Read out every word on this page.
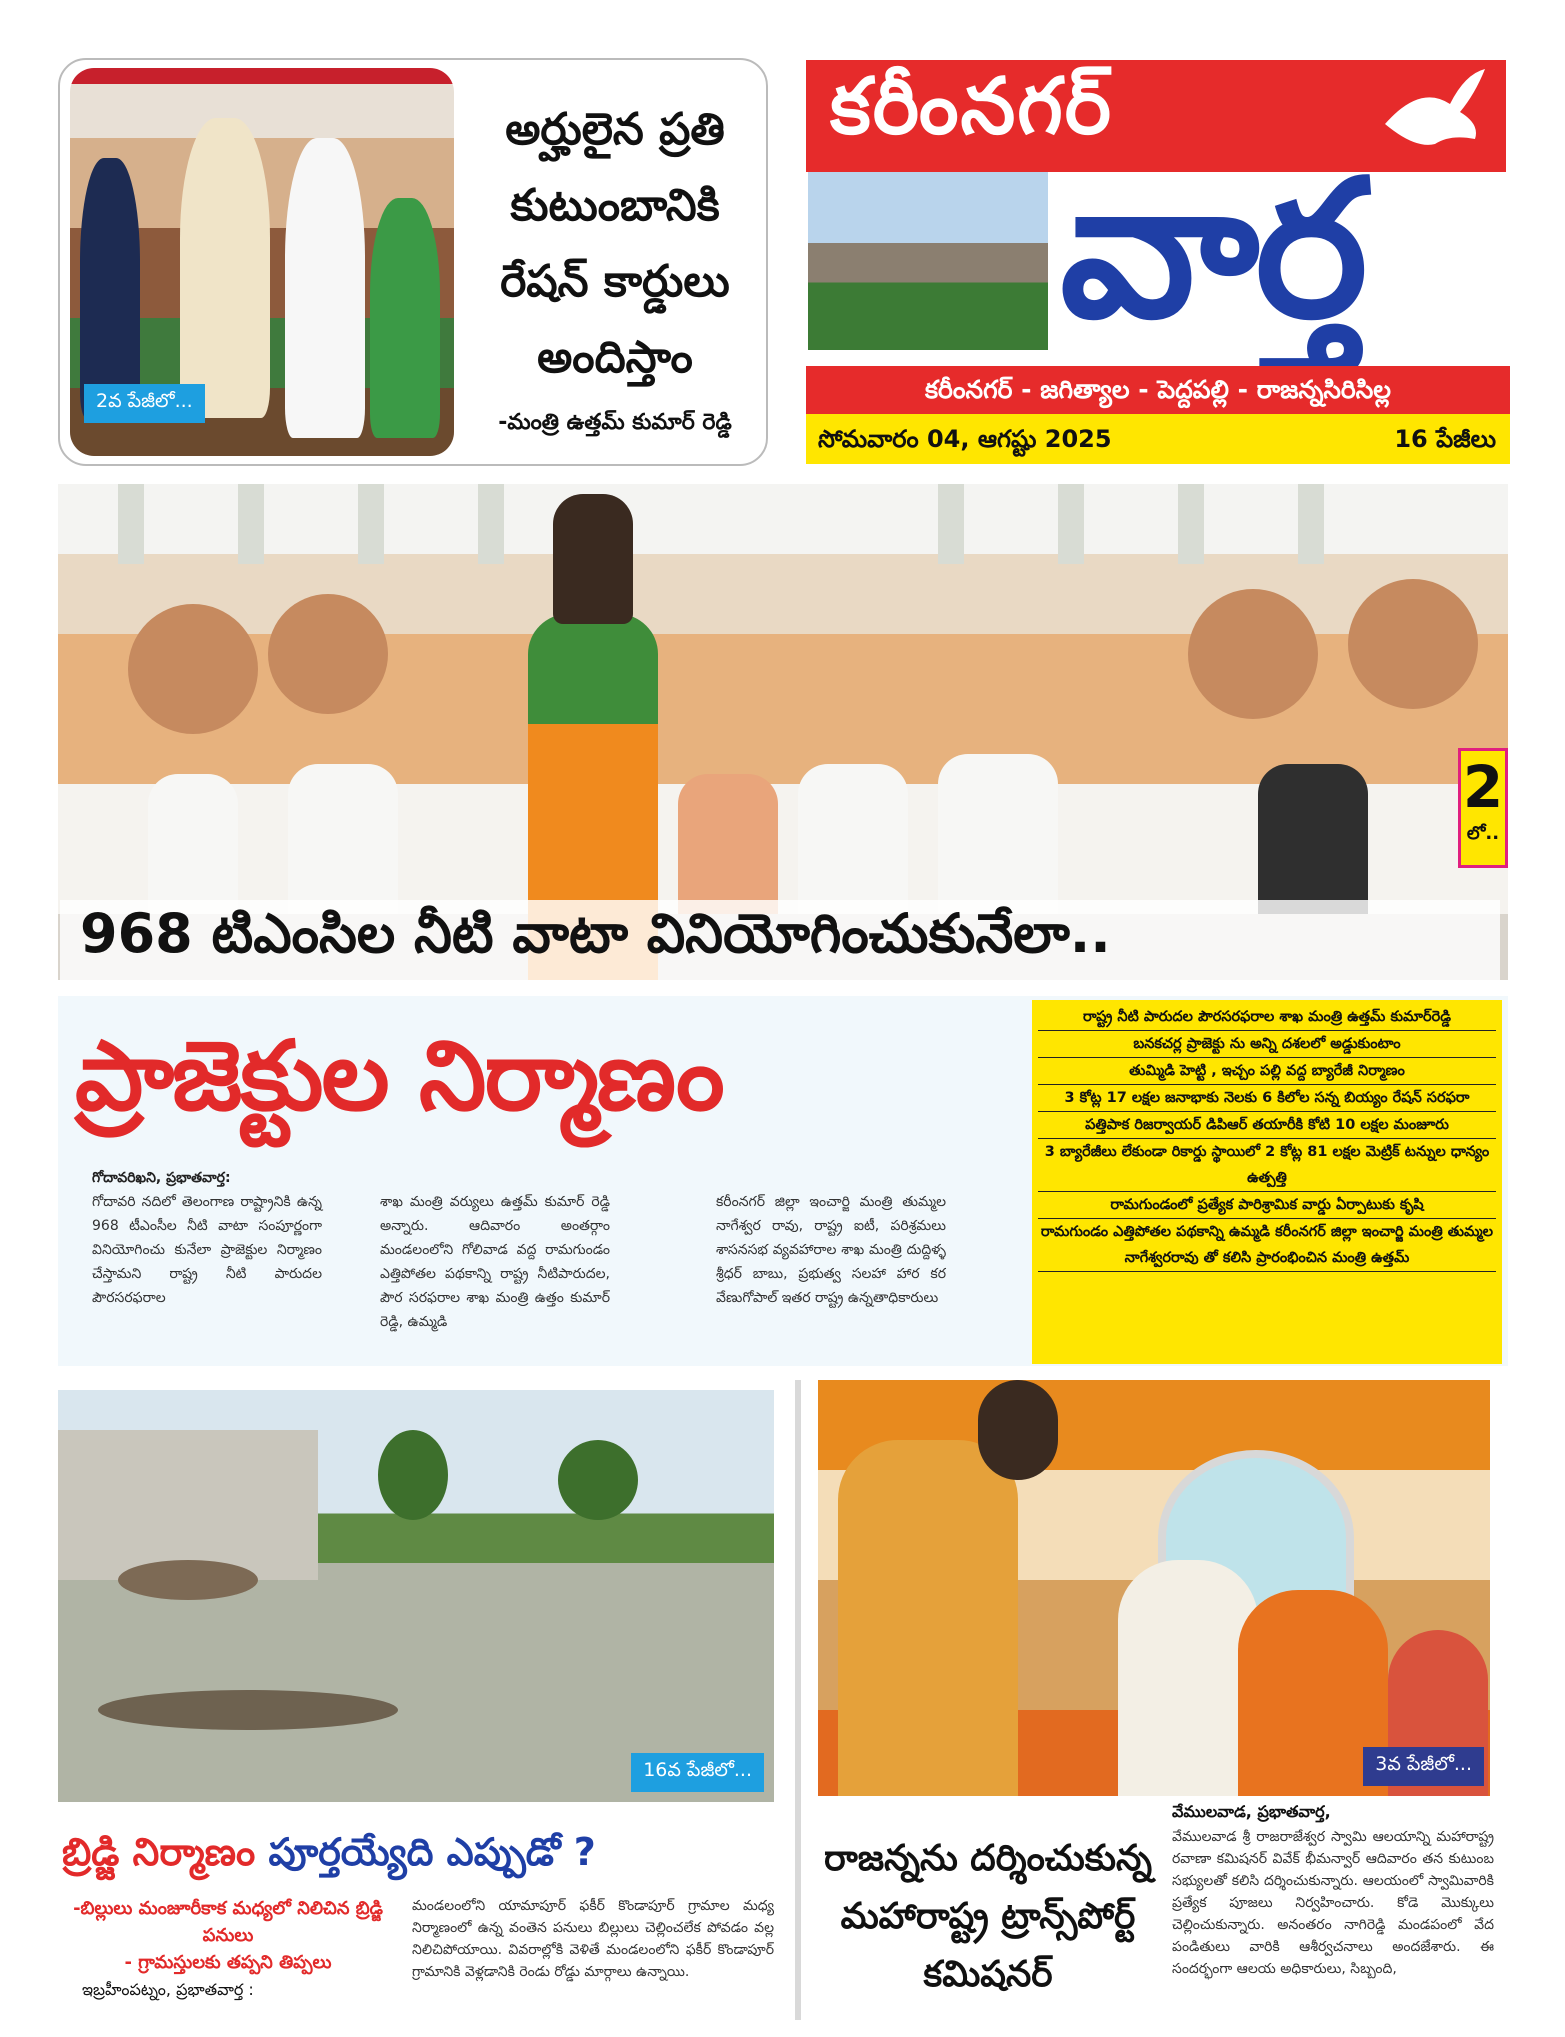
2వ పేజీలో...
అర్హులైన ప్రతి కుటుంబానికి రేషన్ కార్డులు అందిస్తాం
-మంత్రి ఉత్తమ్ కుమార్ రెడ్డి
కరీంనగర్
వార్త
కరీంనగర్ - జగిత్యాల - పెద్దపల్లి - రాజన్నసిరిసిల్ల
సోమవారం 04, ఆగష్టు 2025	16 పేజీలు
2
లో..
968 టిఎంసిల నీటి వాటా వినియోగించుకునేలా..
ప్రాజెక్టుల నిర్మాణం

రాష్ట్ర నీటి పారుదల పౌరసరఫరాల శాఖ మంత్రి ఉత్తమ్ కుమార్‌రెడ్డి

బనకచర్ల ప్రాజెక్టు ను అన్ని దశలలో అడ్డుకుంటాం

తుమ్మిడి హెట్టి , ఇచ్చం పల్లి వద్ద బ్యారేజీ నిర్మాణం

3 కోట్ల 17 లక్షల జనాభాకు నెలకు 6 కిలోల సన్న బియ్యం రేషన్ సరఫరా

పత్తిపాక రిజర్వాయర్ డిపిఆర్ తయారీకి కోటి 10 లక్షల మంజూరు

3 బ్యారేజీలు లేకుండా రికార్డు స్థాయిలో 2 కోట్ల 81 లక్షల మెట్రిక్ టన్నుల ధాన్యం ఉత్పత్తి

రామగుండంలో ప్రత్యేక పారిశ్రామిక వార్డు ఏర్పాటుకు కృషి

రామగుండం ఎత్తిపోతల పథకాన్ని ఉమ్మడి కరీంనగర్ జిల్లా ఇంచార్జి మంత్రి తుమ్మల నాగేశ్వరరావు తో కలిసి ప్రారంభించిన మంత్రి ఉత్తమ్

గోదావరిఖని, ప్రభాతవార్త:
గోదావరి నదిలో తెలంగాణ రాష్ట్రానికి ఉన్న 968 టీఎంసీల నీటి వాటా సంపూర్ణంగా వినియోగించు కునేలా ప్రాజెక్టుల నిర్మాణం చేస్తామని రాష్ట్ర నీటి పారుదల పౌరసరఫరాల
శాఖ మంత్రి వర్యులు ఉత్తమ్ కుమార్ రెడ్డి అన్నారు. ఆదివారం అంతర్గాం మండలంలోని గోలివాడ వద్ద రామగుండం ఎత్తిపోతల పథకాన్ని రాష్ట్ర నీటిపారుదల, పౌర సరఫరాల శాఖ మంత్రి ఉత్తం కుమార్ రెడ్డి, ఉమ్మడి
కరీంనగర్ జిల్లా ఇంచార్జి మంత్రి తుమ్మల నాగేశ్వర రావు, రాష్ట్ర ఐటీ, పరిశ్రమలు శాసనసభ వ్యవహారాల శాఖ మంత్రి దుద్దిళ్ళ శ్రీధర్ బాబు, ప్రభుత్వ సలహా హార కర వేణుగోపాల్ ఇతర రాష్ట్ర ఉన్నతాధికారులు
16వ పేజీలో...
బ్రిడ్జి నిర్మాణం పూర్తయ్యేది ఎప్పుడో ?
-బిల్లులు మంజూరీకాక మధ్యలో నిలిచిన బ్రిడ్జి పనులు
- గ్రామస్తులకు తప్పని తిప్పలు
ఇబ్రహీంపట్నం, ప్రభాతవార్త :
మండలంలోని యామాపూర్ ఫకీర్ కొండాపూర్ గ్రామాల మధ్య నిర్మాణంలో ఉన్న వంతెన పనులు బిల్లులు చెల్లించలేక పోవడం వల్ల నిలిచిపోయాయి. వివరాల్లోకి వెళితే మండలంలోని ఫకీర్ కొండాపూర్ గ్రామానికి వెళ్లడానికి రెండు రోడ్డు మార్గాలు ఉన్నాయి.
3వ పేజీలో...
రాజన్నను దర్శించుకున్న మహారాష్ట్ర ట్రాన్స్‌పోర్ట్ కమిషనర్
వేములవాడ, ప్రభాతవార్త,
వేములవాడ శ్రీ రాజరాజేశ్వర స్వామి ఆలయాన్ని మహారాష్ట్ర రవాణా కమిషనర్ వివేక్ భీమన్వార్ ఆదివారం తన కుటుంబ సభ్యులతో కలిసి దర్శించుకున్నారు. ఆలయంలో స్వామివారికి ప్రత్యేక పూజలు నిర్వహించారు. కోడె మొక్కులు చెల్లించుకున్నారు. అనంతరం నాగిరెడ్డి మండపంలో వేద పండితులు వారికి ఆశీర్వచనాలు అందజేశారు. ఈ సందర్భంగా ఆలయ అధికారులు, సిబ్బంది,
